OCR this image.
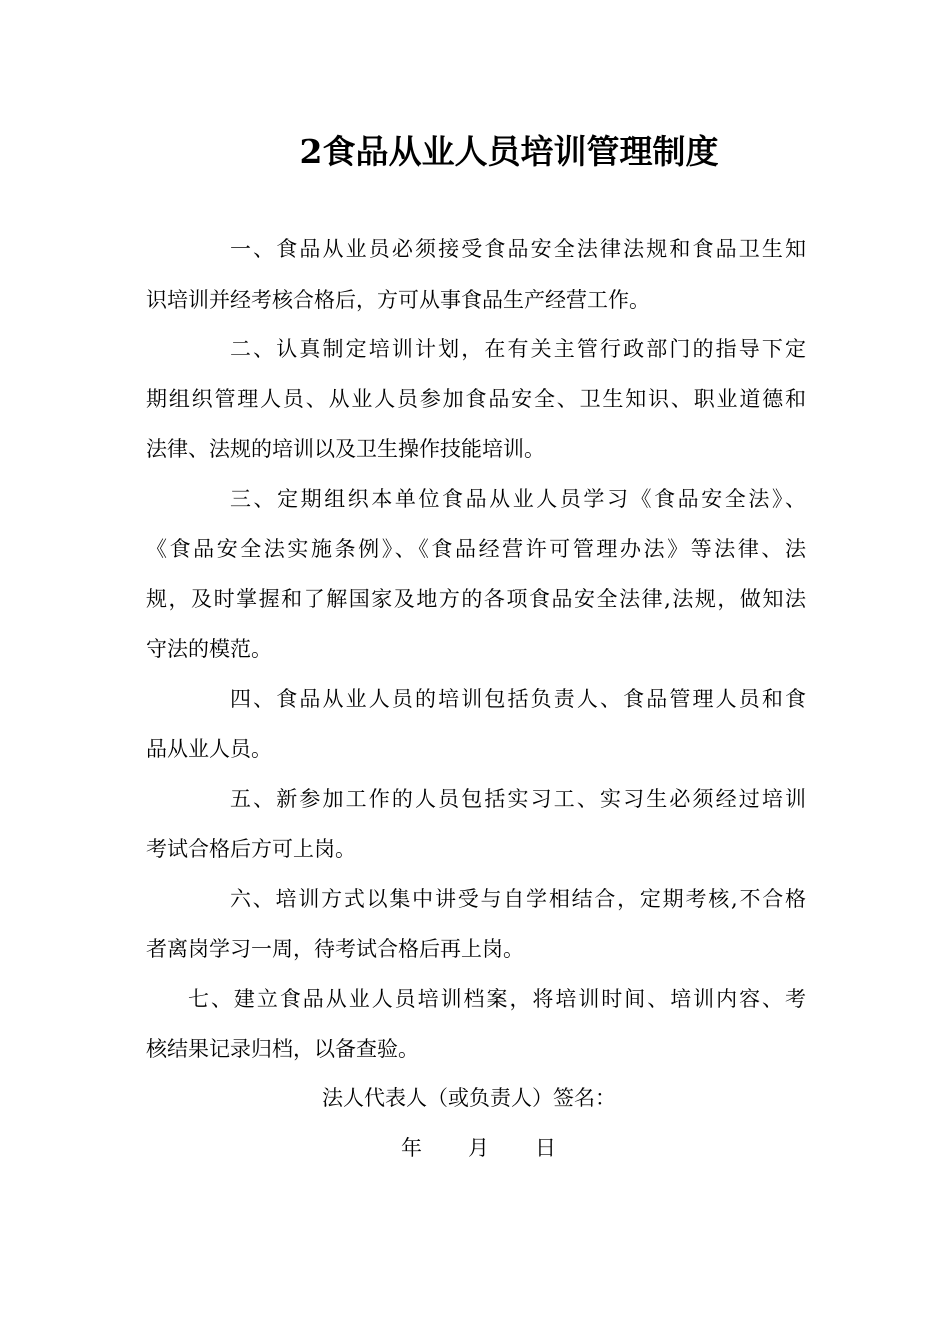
2食品从业人员培训管理制度
一、食品从业员必须接受食品安全法律法规和食品卫生知
识培训并经考核合格后，方可从事食品生产经营工作。
二、认真制定培训计划，在有关主管行政部门的指导下定
期组织管理人员、从业人员参加食品安全、卫生知识、职业道德和
法律、法规的培训以及卫生操作技能培训。
三、定期组织本单位食品从业人员学习《食品安全法》、
《食品安全法实施条例》、《食品经营许可管理办法》等法律、法
规，及时掌握和了解国家及地方的各项食品安全法律,法规，做知法
守法的模范。
四、食品从业人员的培训包括负责人、食品管理人员和食
品从业人员。
五、新参加工作的人员包括实习工、实习生必须经过培训
考试合格后方可上岗。
六、培训方式以集中讲受与自学相结合，定期考核,不合格
者离岗学习一周，待考试合格后再上岗。
七、建立食品从业人员培训档案，将培训时间、培训内容、考
核结果记录归档，以备查验。
法人代表人（或负责人）签名：
年 月 日
